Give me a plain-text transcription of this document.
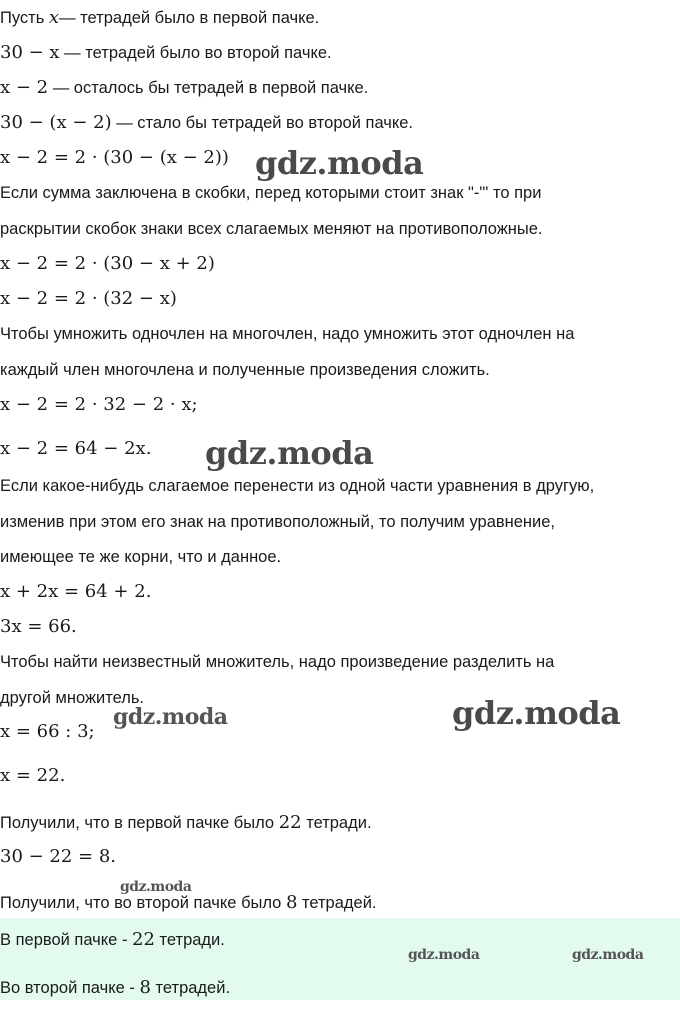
Пусть x— тетрадей было в первой пачке.
30 − x — тетрадей было во второй пачке.
x − 2 — осталось бы тетрадей в первой пачке.
30 − (x − 2) — стало бы тетрадей во второй пачке.
x − 2 = 2 · (30 − (x − 2))
Если сумма заключена в скобки, перед которыми стоит знак "-"' то при
раскрытии скобок знаки всех слагаемых меняют на противоположные.
x − 2 = 2 · (30 − x + 2)
x − 2 = 2 · (32 − x)
Чтобы умножить одночлен на многочлен, надо умножить этот одночлен на
каждый член многочлена и полученные произведения сложить.
x − 2 = 2 · 32 − 2 · x;
x − 2 = 64 − 2x.
Если какое-нибудь слагаемое перенести из одной части уравнения в другую,
изменив при этом его знак на противоположный, то получим уравнение,
имеющее те же корни, что и данное.
x + 2x = 64 + 2.
3x = 66.
Чтобы найти неизвестный множитель, надо произведение разделить на
другой множитель.
x = 66 : 3;
x = 22.
Получили, что в первой пачке было 22 тетради.
30 − 22 = 8.
Получили, что во второй пачке было 8 тетрадей.
В первой пачке - 22 тетради.
Во второй пачке - 8 тетрадей.
gdz.moda
gdz.moda
gdz.moda	gdz.moda
gdz.moda
gdz.moda	gdz.moda
